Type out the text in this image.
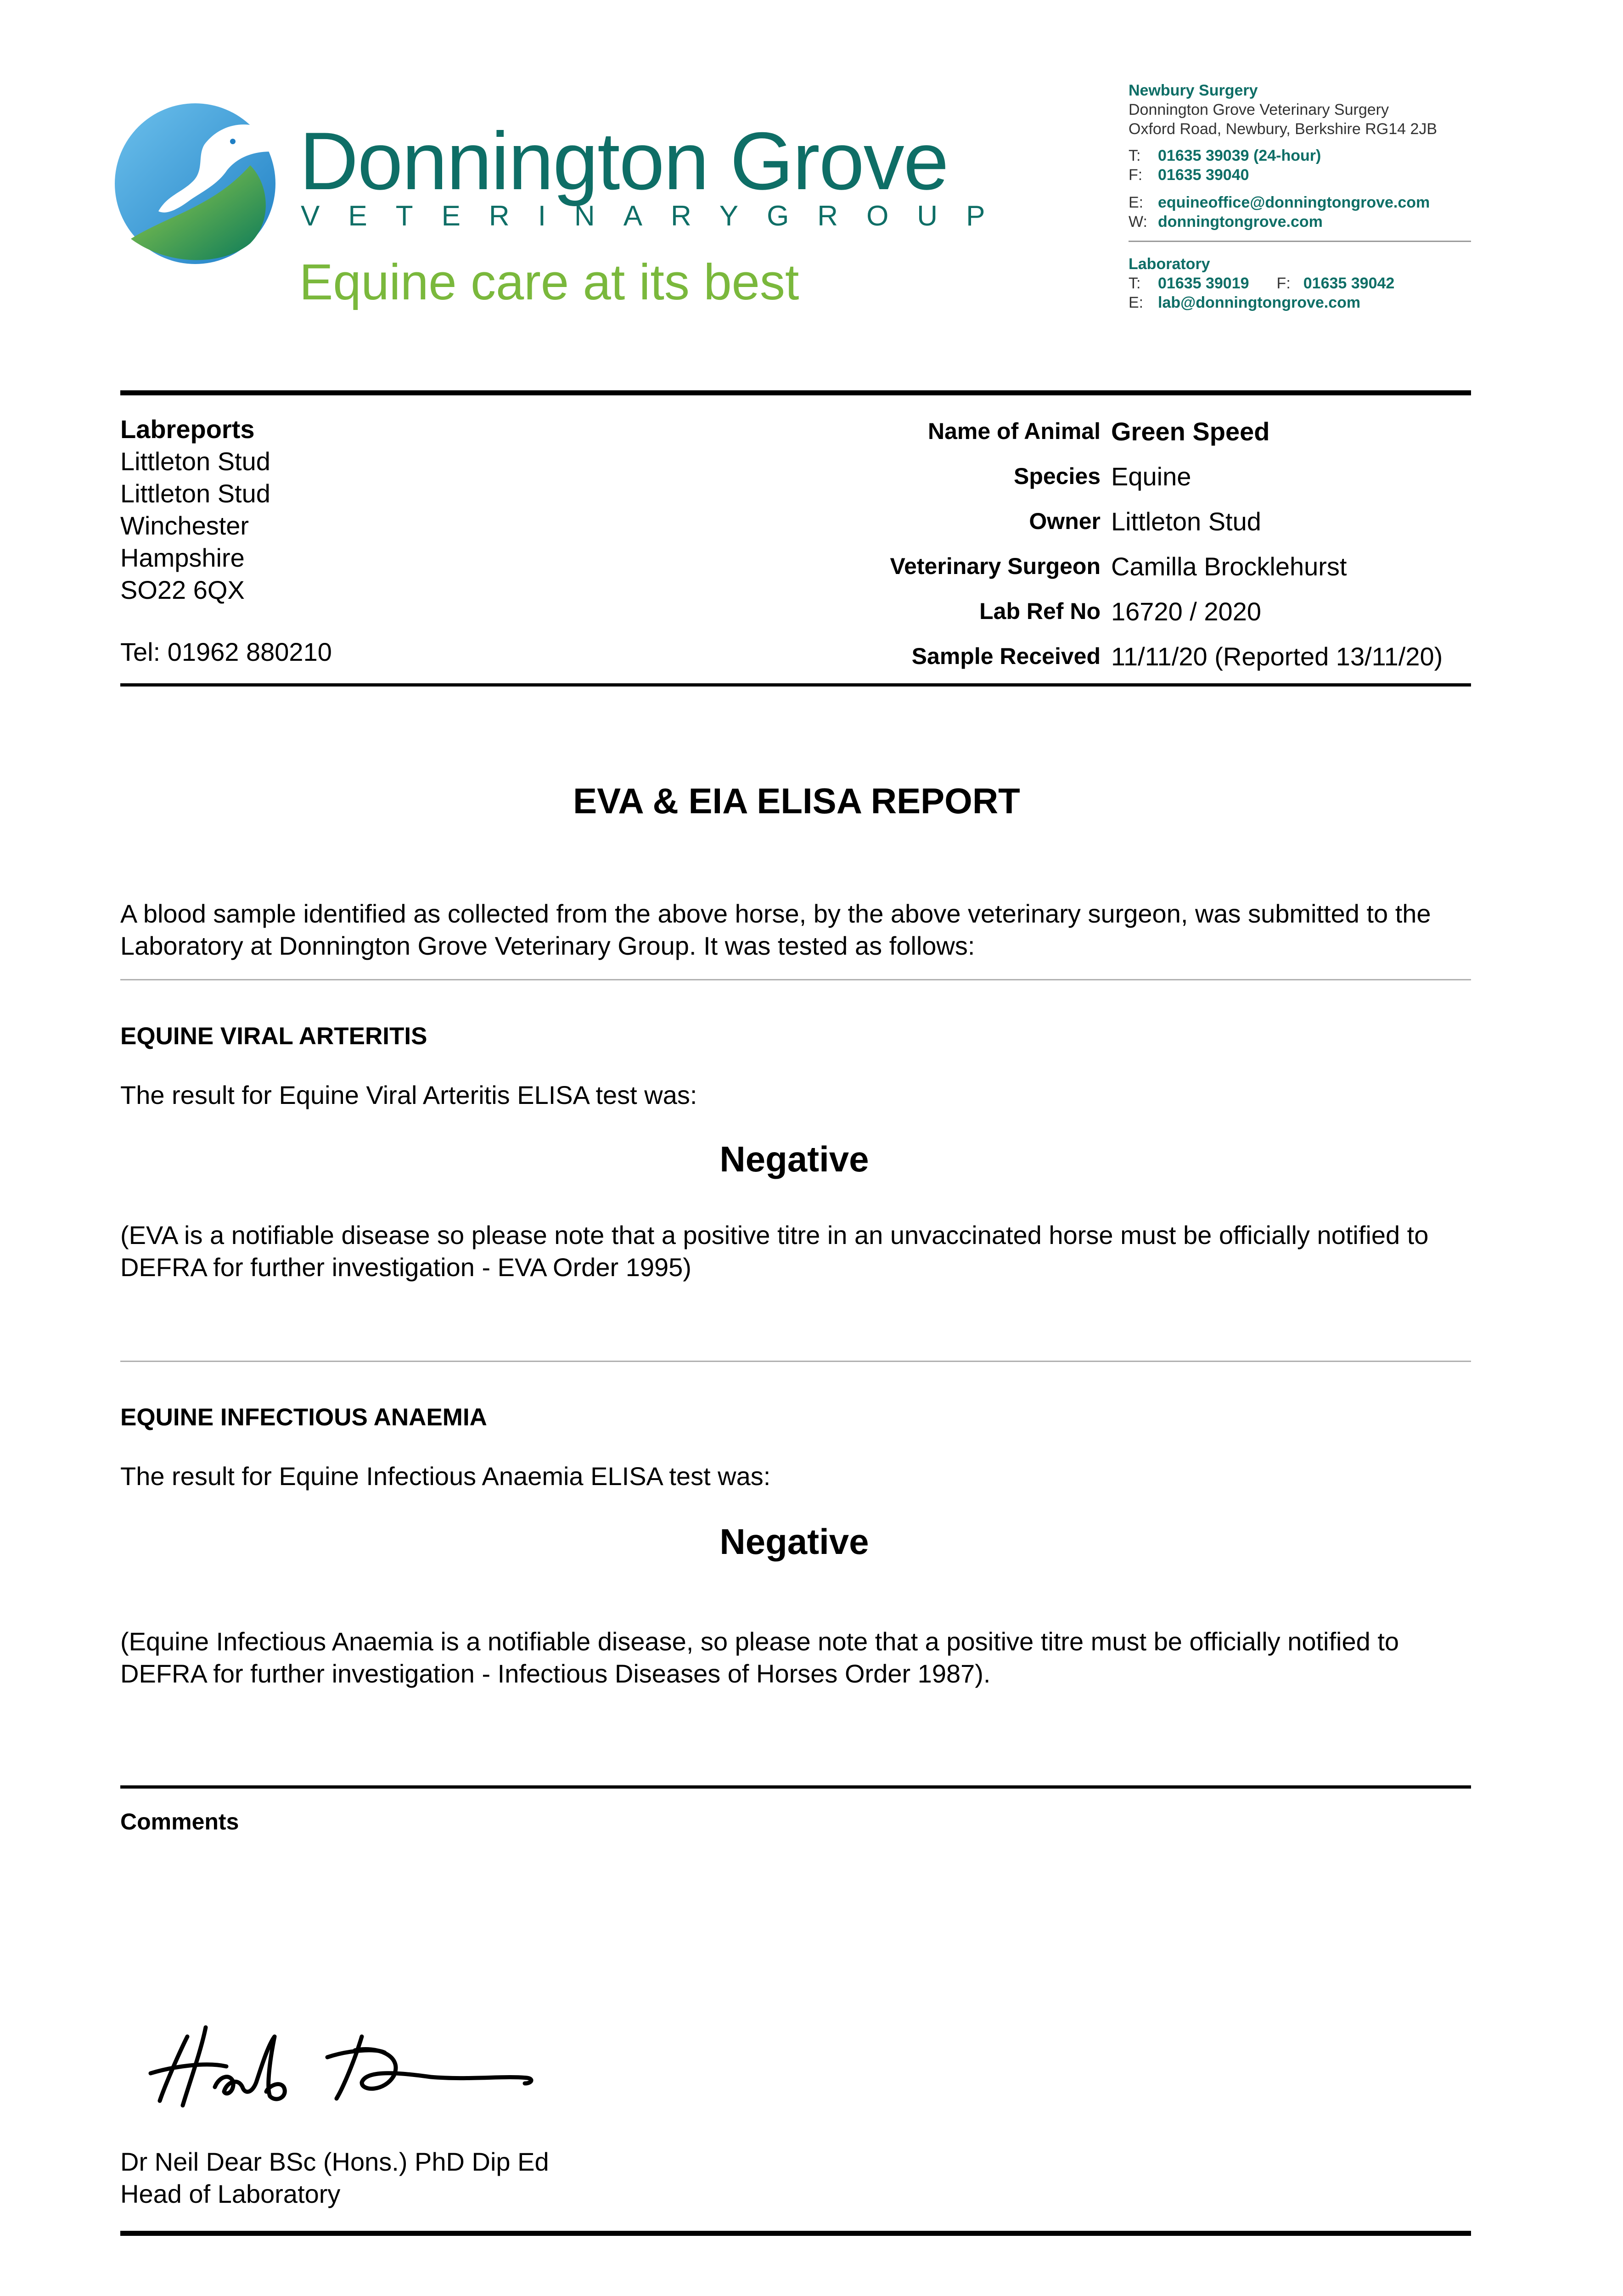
Donnington Grove
VETERINARY GROUP
Equine care at its best
Newbury Surgery
Donnington Grove Veterinary Surgery
Oxford Road, Newbury, Berkshire RG14 2JB
T: 01635 39039 (24-hour)
F: 01635 39040
E: equineoffice@donningtongrove.com
W: donningtongrove.com
Laboratory
T: 01635 39019 F: 01635 39042
E: lab@donningtongrove.com
Labreports
Littleton Stud
Littleton Stud
Winchester
Hampshire
SO22 6QX
Tel: 01962 880210
Name of Animal Green Speed
Species Equine
Owner Littleton Stud
Veterinary Surgeon Camilla Brocklehurst
Lab Ref No 16720 / 2020
Sample Received 11/11/20 (Reported 13/11/20)
EVA & EIA ELISA REPORT
A blood sample identified as collected from the above horse, by the above veterinary surgeon, was submitted to the Laboratory at Donnington Grove Veterinary Group. It was tested as follows:
EQUINE VIRAL ARTERITIS
The result for Equine Viral Arteritis ELISA test was:
Negative
(EVA is a notifiable disease so please note that a positive titre in an unvaccinated horse must be officially notified to DEFRA for further investigation - EVA Order 1995)
EQUINE INFECTIOUS ANAEMIA
The result for Equine Infectious Anaemia ELISA test was:
Negative
(Equine Infectious Anaemia is a notifiable disease, so please note that a positive titre must be officially notified to DEFRA for further investigation - Infectious Diseases of Horses Order 1987).
Comments
Dr Neil Dear BSc (Hons.) PhD Dip Ed
Head of Laboratory
